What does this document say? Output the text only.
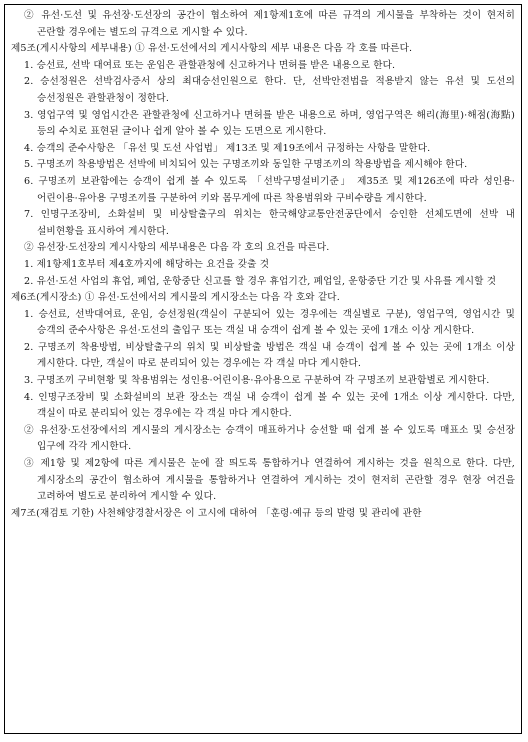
② 유선·도선 및 유선장·도선장의 공간이 협소하여 제1항제1호에 따른 규격의 게시물을 부착하는 것이 현저히 곤란할 경우에는 별도의 규격으로 게시할 수 있다.

제5조(게시사항의 세부내용) ① 유선·도선에서의 게시사항의 세부 내용은 다음 각 호를 따른다.

1. 승선료, 선박 대여료 또는 운임은 관할관청에 신고하거나 면허를 받은 내용으로 한다.

2. 승선정원은 선박검사증서 상의 최대승선인원으로 한다. 단, 선박안전법을 적용받지 않는 유선 및 도선의 승선정원은 관할관청이 정한다.

3. 영업구역 및 영업시간은 관할관청에 신고하거나 면허를 받은 내용으로 하며, 영업구역은 해리(海里)·해점(海點) 등의 수치로 표현된 글이나 쉽게 알아 볼 수 있는 도면으로 게시한다.

4. 승객의 준수사항은 「유선 및 도선 사업법」 제13조 및 제19조에서 규정하는 사항을 말한다.

5. 구명조끼 착용방법은 선박에 비치되어 있는 구명조끼와 동일한 구명조끼의 착용방법을 제시해야 한다.

6. 구명조끼 보관함에는 승객이 쉽게 볼 수 있도록 「선박구명설비기준」 제35조 및 제126조에 따라 성인용·어린이용·유아용 구명조끼를 구분하여 키와 몸무게에 따른 착용범위와 구비수량을 게시한다.

7. 인명구조장비, 소화설비 및 비상탈출구의 위치는 한국해양교통안전공단에서 승인한 선체도면에 선박 내 설비현황을 표시하여 게시한다.

② 유선장·도선장의 게시사항의 세부내용은 다음 각 호의 요건을 따른다.

1. 제1항제1호부터 제4호까지에 해당하는 요건을 갖출 것

2. 유선·도선 사업의 휴업, 폐업, 운항중단 신고를 할 경우 휴업기간, 폐업일, 운항중단 기간 및 사유를 게시할 것

제6조(게시장소) ① 유선·도선에서의 게시물의 게시장소는 다음 각 호와 같다.

1. 승선료, 선박대여료, 운임, 승선정원(객실이 구분되어 있는 경우에는 객실별로 구분), 영업구역, 영업시간 및 승객의 준수사항은 유선·도선의 출입구 또는 객실 내 승객이 쉽게 볼 수 있는 곳에 1개소 이상 게시한다.

2. 구명조끼 착용방법, 비상탈출구의 위치 및 비상탈출 방법은 객실 내 승객이 쉽게 볼 수 있는 곳에 1개소 이상 게시한다. 다만, 객실이 따로 분리되어 있는 경우에는 각 객실 마다 게시한다.

3. 구명조끼 구비현황 및 착용범위는 성인용·어린이용·유아용으로 구분하여 각 구명조끼 보관함별로 게시한다.

4. 인명구조장비 및 소화설비의 보관 장소는 객실 내 승객이 쉽게 볼 수 있는 곳에 1개소 이상 게시한다. 다만, 객실이 따로 분리되어 있는 경우에는 각 객실 마다 게시한다.

② 유선장·도선장에서의 게시물의 게시장소는 승객이 매표하거나 승선할 때 쉽게 볼 수 있도록 매표소 및 승선장 입구에 각각 게시한다.

③ 제1항 및 제2항에 따른 게시물은 눈에 잘 띄도록 통합하거나 연결하여 게시하는 것을 원칙으로 한다. 다만, 게시장소의 공간이 협소하여 게시물을 통합하거나 연결하여 게시하는 것이 현저히 곤란할 경우 현장 여건을 고려하여 별도로 분리하여 게시할 수 있다.

제7조(재검토 기한) 사천해양경찰서장은 이 고시에 대하여 「훈령·예규 등의 발령 및 관리에 관한
